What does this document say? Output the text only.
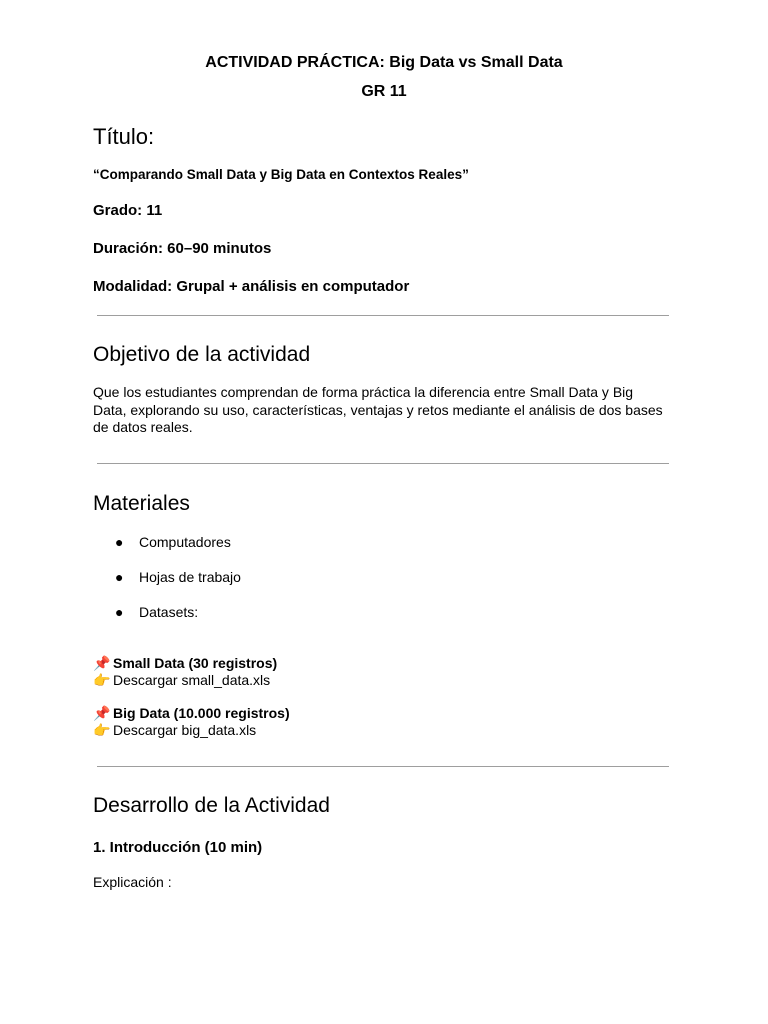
ACTIVIDAD PRÁCTICA: Big Data vs Small Data
GR 11
Título:
“Comparando Small Data y Big Data en Contextos Reales”
Grado: 11
Duración: 60–90 minutos
Modalidad: Grupal + análisis en computador
Objetivo de la actividad
Que los estudiantes comprendan de forma práctica la diferencia entre Small Data y Big
Data, explorando su uso, características, ventajas y retos mediante el análisis de dos bases
de datos reales.
Materiales
● Computadores
● Hojas de trabajo
● Datasets:
📌 Small Data (30 registros)
👉 Descargar small_data.xls
📌 Big Data (10.000 registros)
👉 Descargar big_data.xls
Desarrollo de la Actividad
1. Introducción (10 min)
Explicación :
